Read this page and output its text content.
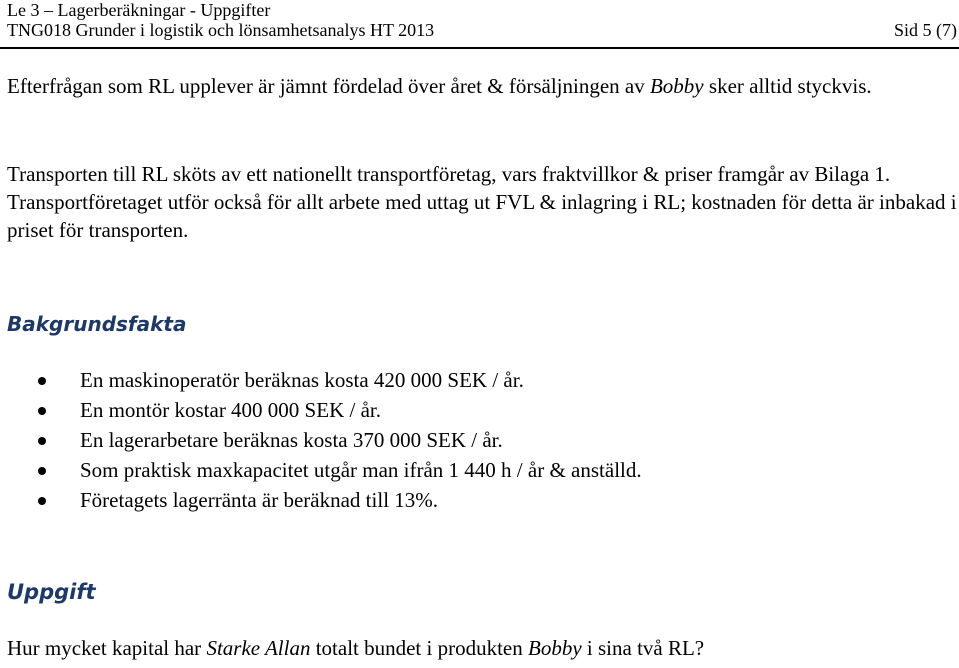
Le 3 – Lagerberäkningar - Uppgifter
TNG018 Grunder i logistik och lönsamhetsanalys HT 2013	Sid 5 (7)

Efterfrågan som RL upplever är jämnt fördelad över året & försäljningen av Bobby sker alltid styckvis.

Transporten till RL sköts av ett nationellt transportföretag, vars fraktvillkor & priser framgår av Bilaga 1. Transportföretaget utför också för allt arbete med uttag ut FVL & inlagring i RL; kostnaden för detta är inbakad i priset för transporten.

Bakgrundsfakta
En maskinoperatör beräknas kosta 420 000 SEK / år.
En montör kostar 400 000 SEK / år.
En lagerarbetare beräknas kosta 370 000 SEK / år.
Som praktisk maxkapacitet utgår man ifrån 1 440 h / år & anställd.
Företagets lagerränta är beräknad till 13%.
Uppgift

Hur mycket kapital har Starke Allan totalt bundet i produkten Bobby i sina två RL?
